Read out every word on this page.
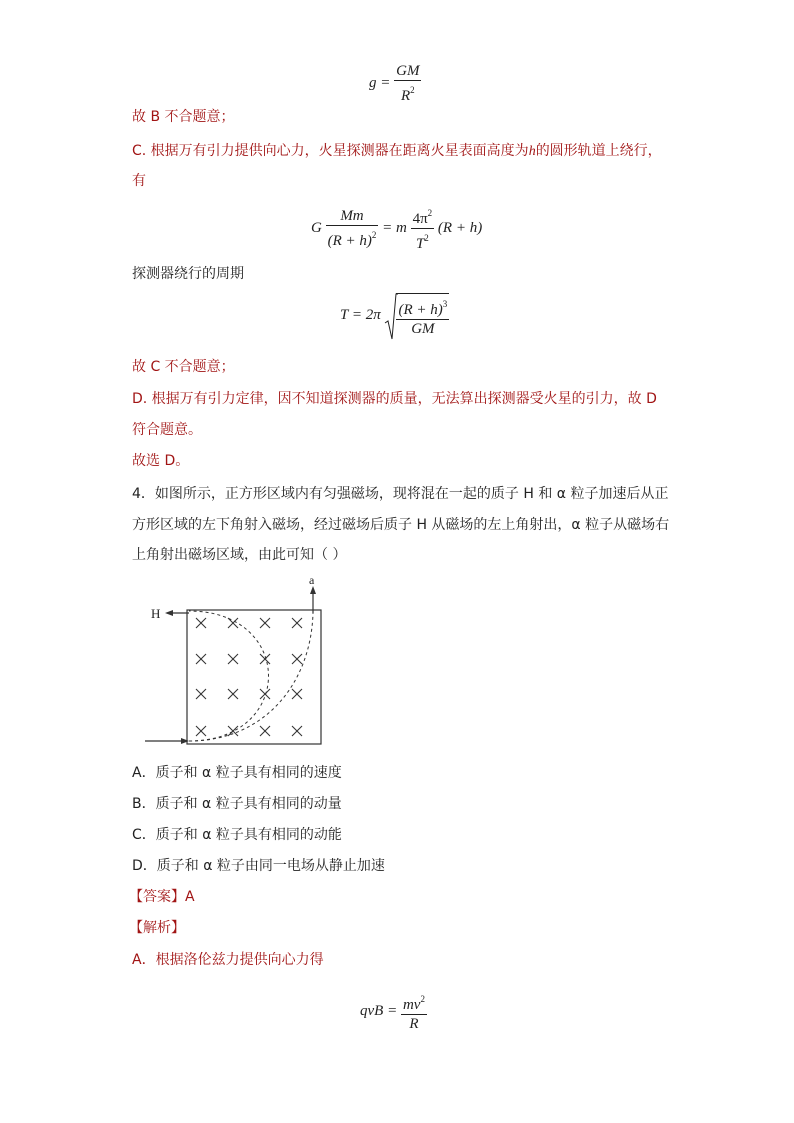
$g = \frac{GM}{R^2}$
故 B 不合题意；
C. 根据万有引力提供向心力，火星探测器在距离火星表面高度为h的圆形轨道上绕行，
有
G $\frac{Mm}{(R + h)^2} = m \frac{4\pi^2}{T^2} (R + h)$
探测器绕行的周期
$T = 2\pi \frac{(R + h)^3}{GM}$
故 C 不合题意；
D. 根据万有引力定律，因不知道探测器的质量，无法算出探测器受火星的引力，故 D
符合题意。
故选 D。
4．如图所示，正方形区域内有匀强磁场，现将混在一起的质子 H 和 α 粒子加速后从正
方形区域的左下角射入磁场，经过磁场后质子 H 从磁场的左上角射出，α 粒子从磁场右
上角射出磁场区域，由此可知（ ）
H
a
A．质子和 α 粒子具有相同的速度
B．质子和 α 粒子具有相同的动量
C．质子和 α 粒子具有相同的动能
D．质子和 α 粒子由同一电场从静止加速
【答案】A
【解析】
A．根据洛伦兹力提供向心力得
qvB = $\frac{mv^2}{R}$
